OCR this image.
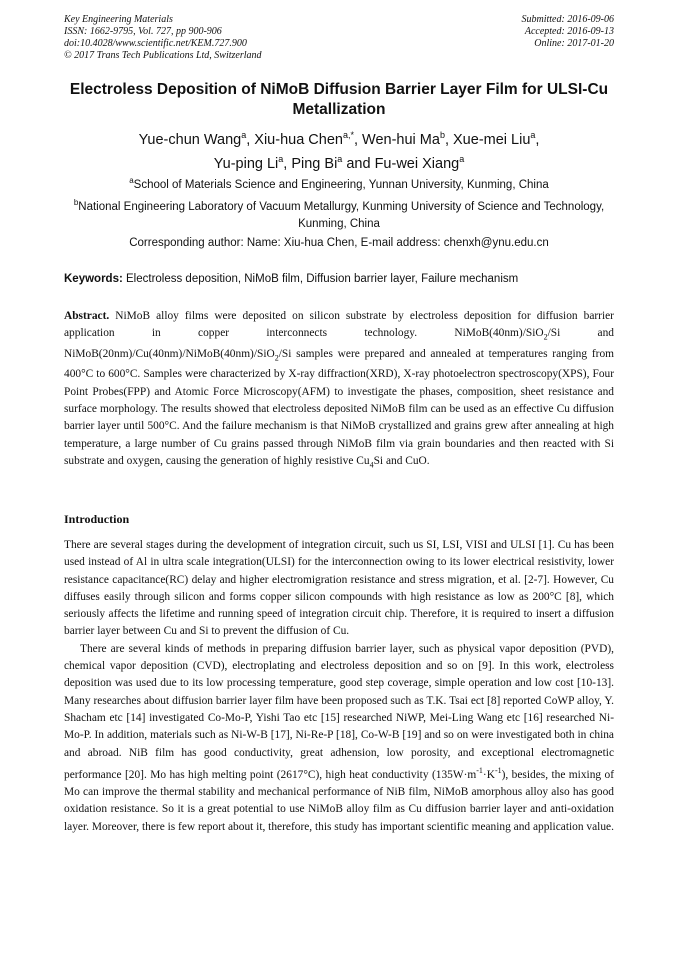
Key Engineering Materials
ISSN: 1662-9795, Vol. 727, pp 900-906
doi:10.4028/www.scientific.net/KEM.727.900
© 2017 Trans Tech Publications Ltd, Switzerland
Submitted: 2016-09-06
Accepted: 2016-09-13
Online: 2017-01-20
Electroless Deposition of NiMoB Diffusion Barrier Layer Film for ULSI-Cu Metallization
Yue-chun Wang$^a$, Xiu-hua Chen$^{a,*}$, Wen-hui Ma$^b$, Xue-mei Liu$^a$,
Yu-ping Li$^a$, Ping Bi$^a$ and Fu-wei Xiang$^a$
$^a$School of Materials Science and Engineering, Yunnan University, Kunming, China
$^b$National Engineering Laboratory of Vacuum Metallurgy, Kunming University of Science and Technology, Kunming, China
Corresponding author: Name: Xiu-hua Chen, E-mail address: chenxh@ynu.edu.cn
Keywords: Electroless deposition, NiMoB film, Diffusion barrier layer, Failure mechanism
Abstract. NiMoB alloy films were deposited on silicon substrate by electroless deposition for diffusion barrier application in copper interconnects technology. NiMoB(40nm)/SiO$_2$/Si and NiMoB(20nm)/Cu(40nm)/NiMoB(40nm)/SiO$_2$/Si samples were prepared and annealed at temperatures ranging from 400°C to 600°C. Samples were characterized by X-ray diffraction(XRD), X-ray photoelectron spectroscopy(XPS), Four Point Probes(FPP) and Atomic Force Microscopy(AFM) to investigate the phases, composition, sheet resistance and surface morphology. The results showed that electroless deposited NiMoB film can be used as an effective Cu diffusion barrier layer until 500°C. And the failure mechanism is that NiMoB crystallized and grains grew after annealing at high temperature, a large number of Cu grains passed through NiMoB film via grain boundaries and then reacted with Si substrate and oxygen, causing the generation of highly resistive $Cu_4Si$ and CuO.
Introduction
There are several stages during the development of integration circuit, such us SI, LSI, VISI and ULSI [1]. Cu has been used instead of Al in ultra scale integration(ULSI) for the interconnection owing to its lower electrical resistivity, lower resistance capacitance(RC) delay and higher electromigration resistance and stress migration, et al. [2-7]. However, Cu diffuses easily through silicon and forms copper silicon compounds with high resistance as low as 200°C [8], which seriously affects the lifetime and running speed of integration circuit chip. Therefore, it is required to insert a diffusion barrier layer between Cu and Si to prevent the diffusion of Cu.
There are several kinds of methods in preparing diffusion barrier layer, such as physical vapor deposition (PVD), chemical vapor deposition (CVD), electroplating and electroless deposition and so on [9]. In this work, electroless deposition was used due to its low processing temperature, good step coverage, simple operation and low cost [10-13]. Many researches about diffusion barrier layer film have been proposed such as T.K. Tsai ect [8] reported CoWP alloy, Y. Shacham etc [14] investigated Co-Mo-P, Yishi Tao etc [15] researched NiWP, Mei-Ling Wang etc [16] researched Ni-Mo-P. In addition, materials such as Ni-W-B [17], Ni-Re-P [18], Co-W-B [19] and so on were investigated both in china and abroad. NiB film has good conductivity, great adhension, low porosity, and exceptional electromagnetic performance [20]. Mo has high melting point (2617°C), high heat conductivity $(135W\cdot m^{-1}\cdot K^{-1})$, besides, the mixing of Mo can improve the thermal stability and mechanical performance of NiB film, NiMoB amorphous alloy also has good oxidation resistance. So it is a great potential to use NiMoB alloy film as Cu diffusion barrier layer and anti-oxidation layer. Moreover, there is few report about it, therefore, this study has important scientific meaning and application value.
